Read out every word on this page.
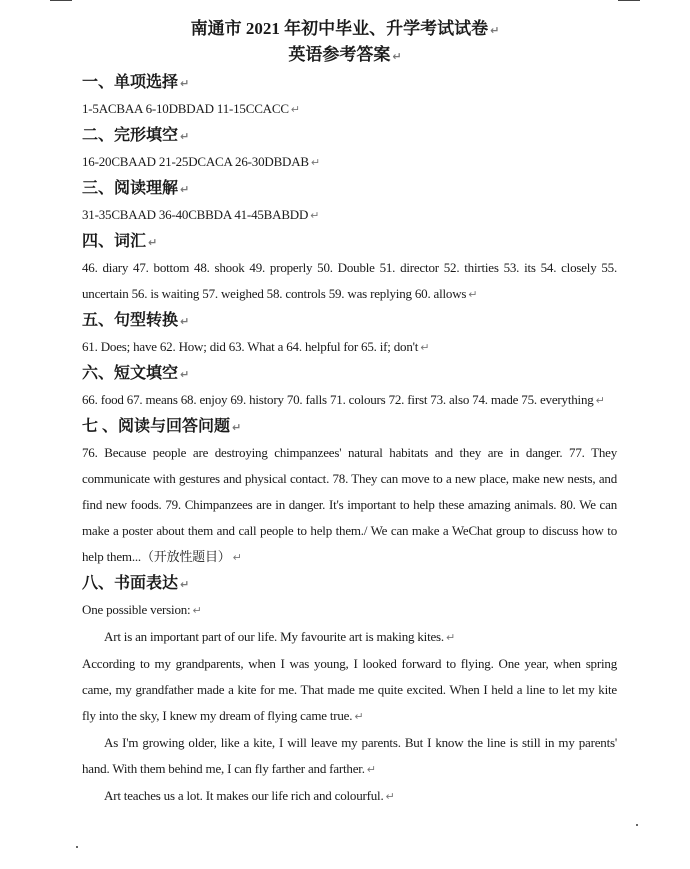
南通市 2021 年初中毕业、升学考试试卷 ↵
英语参考答案 ↵

一、单项选择 ↵

1-5ACBAA 6-10DBDAD 11-15CCACC ↵

二、完形填空 ↵

16-20CBAAD 21-25DCACA 26-30DBDAB ↵

三、阅读理解 ↵

31-35CBAAD 36-40CBBDA 41-45BABDD ↵

四、词汇 ↵

46. diary 47. bottom 48. shook 49. properly 50. Double 51. director 52. thirties 53. its 54. closely 55. uncertain 56. is waiting 57. weighed 58. controls 59. was replying 60. allows ↵

五、句型转换 ↵

61. Does; have 62. How; did 63. What a 64. helpful for 65. if; don't ↵

六、短文填空 ↵

66. food 67. means 68. enjoy 69. history 70. falls 71. colours 72. first 73. also 74. made 75. everything ↵

七 、阅读与回答问题 ↵

76. Because people are destroying chimpanzees' natural habitats and they are in danger. 77. They communicate with gestures and physical contact. 78. They can move to a new place, make new nests, and find new foods. 79. Chimpanzees are in danger. It's important to help these amazing animals. 80. We can make a poster about them and call people to help them./ We can make a WeChat group to discuss how to help them...（开放性题目） ↵

八、书面表达 ↵

One possible version: ↵

Art is an important part of our life. My favourite art is making kites. ↵

According to my grandparents, when I was young, I looked forward to flying. One year, when spring came, my grandfather made a kite for me. That made me quite excited. When I held a line to let my kite fly into the sky, I knew my dream of flying came true. ↵

As I'm growing older, like a kite, I will leave my parents. But I know the line is still in my parents' hand. With them behind me, I can fly farther and farther. ↵

Art teaches us a lot. It makes our life rich and colourful. ↵
